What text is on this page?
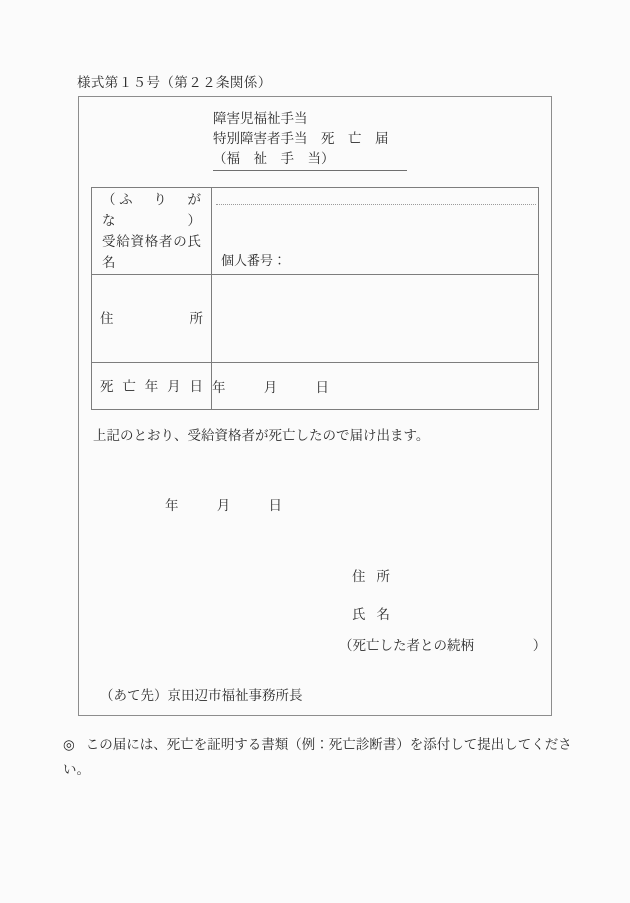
様式第１５号（第２２条関係）
障害児福祉手当
特別障害者手当　死　亡　届
（福　祉　手　当）
（ふ　り　が　な）
受給資格者の氏名	個人番号：

住所	

死亡年月日	年 月 日
上記のとおり、受給資格者が死亡したので届け出ます。
年	月	日
住所
氏名
（死亡した者との続柄	）
（あて先）京田辺市福祉事務所長
◎ この届には、死亡を証明する書類（例：死亡診断書）を添付して提出してください。
